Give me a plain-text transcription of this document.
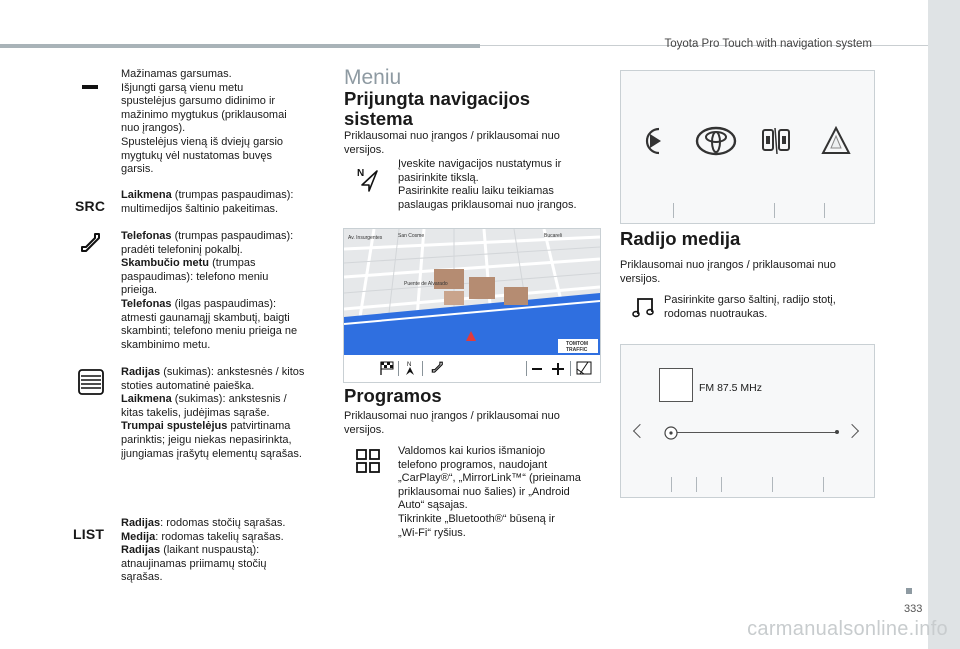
Toyota Pro Touch with navigation system
Mažinamas garsumas.
Išjungti garsą vienu metu
spustelėjus garsumo didinimo ir
mažinimo mygtukus (priklausomai
nuo įrangos).
Spustelėjus vieną iš dviejų garsio
mygtukų vėl nustatomas buvęs
garsis.
SRC
Laikmena (trumpas paspaudimas):
multimedijos šaltinio pakeitimas.
Telefonas (trumpas paspaudimas):
pradėti telefoninį pokalbį.
Skambučio metu (trumpas
paspaudimas): telefono meniu
prieiga.
Telefonas (ilgas paspaudimas):
atmesti gaunamąjį skambutį, baigti
skambinti; telefono meniu prieiga ne
skambinimo metu.
Radijas (sukimas): ankstesnės / kitos
stoties automatinė paieška.
Laikmena (sukimas): ankstesnis /
kitas takelis, judėjimas sąraše.
Trumpai spustelėjus patvirtinama
parinktis; jeigu niekas nepasirinkta,
įjungiamas įrašytų elementų sąrašas.
LIST
Radijas: rodomas stočių sąrašas.
Medija: rodomas takelių sąrašas.
Radijas (laikant nuspaustą):
atnaujinamas priimamų stočių
sąrašas.
Meniu
Prijungta navigacijos
sistema
Priklausomai nuo įrangos / priklausomai nuo
versijos.
N
Įveskite navigacijos nustatymus ir
pasirinkite tikslą.
Pasirinkite realiu laiku teikiamas
paslaugas priklausomai nuo įrangos.
Av. Insurgentes	San Cosme
Puente de Alvarado
Bucareli
TOMTOM
TRAFFIC
N
Programos
Priklausomai nuo įrangos / priklausomai nuo
versijos.
Valdomos kai kurios išmaniojo
telefono programos, naudojant
„CarPlay®“, „MirrorLink™“ (prieinama
priklausomai nuo šalies) ir „Android
Auto“ sąsajas.
Tikrinkite „Bluetooth®“ būseną ir
„Wi-Fi“ ryšius.
Radijo medija
Priklausomai nuo įrangos / priklausomai nuo
versijos.
Pasirinkite garso šaltinį, radijo stotį,
rodomas nuotraukas.
FM 87.5 MHz
333
carmanualsonline.info
